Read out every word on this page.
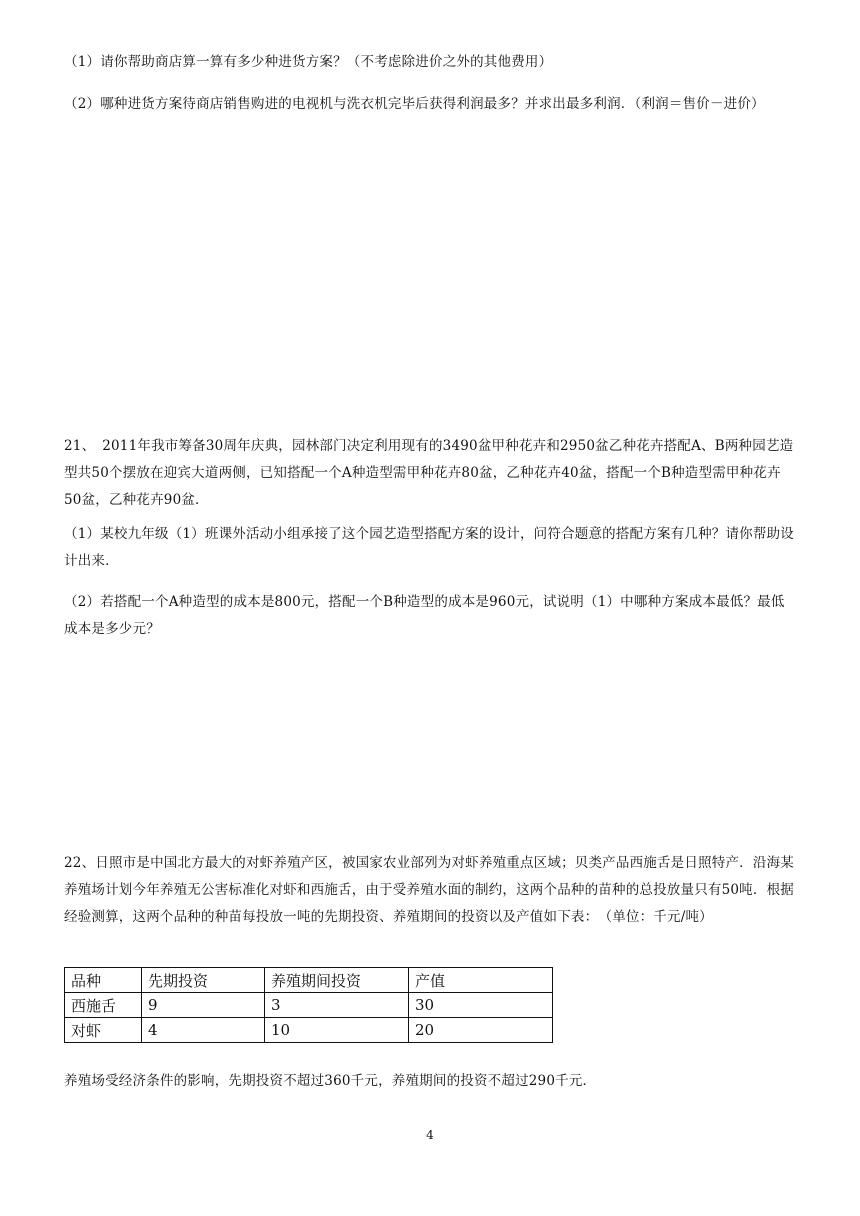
（1）请你帮助商店算一算有多少种进货方案？（不考虑除进价之外的其他费用）
（2）哪种进货方案待商店销售购进的电视机与洗衣机完毕后获得利润最多？并求出最多利润．（利润＝售价－进价）
21、　2011年我市筹备30周年庆典，园林部门决定利用现有的3490盆甲种花卉和2950盆乙种花卉搭配A、B两种园艺造型共50个摆放在迎宾大道两侧，已知搭配一个A种造型需甲种花卉80盆，乙种花卉40盆，搭配一个B种造型需甲种花卉50盆，乙种花卉90盆．
（1）某校九年级（1）班课外活动小组承接了这个园艺造型搭配方案的设计，问符合题意的搭配方案有几种？请你帮助设计出来．
（2）若搭配一个A种造型的成本是800元，搭配一个B种造型的成本是960元，试说明（1）中哪种方案成本最低？最低成本是多少元？
22、日照市是中国北方最大的对虾养殖产区，被国家农业部列为对虾养殖重点区域；贝类产品西施舌是日照特产．沿海某养殖场计划今年养殖无公害标准化对虾和西施舌，由于受养殖水面的制约，这两个品种的苗种的总投放量只有50吨．根据经验测算，这两个品种的种苗每投放一吨的先期投资、养殖期间的投资以及产值如下表：　（单位：千元/吨）
品种	先期投资	养殖期间投资	产值
西施舌	9	3	30
对虾	4	10	20
养殖场受经济条件的影响，先期投资不超过360千元，养殖期间的投资不超过290千元．
4
